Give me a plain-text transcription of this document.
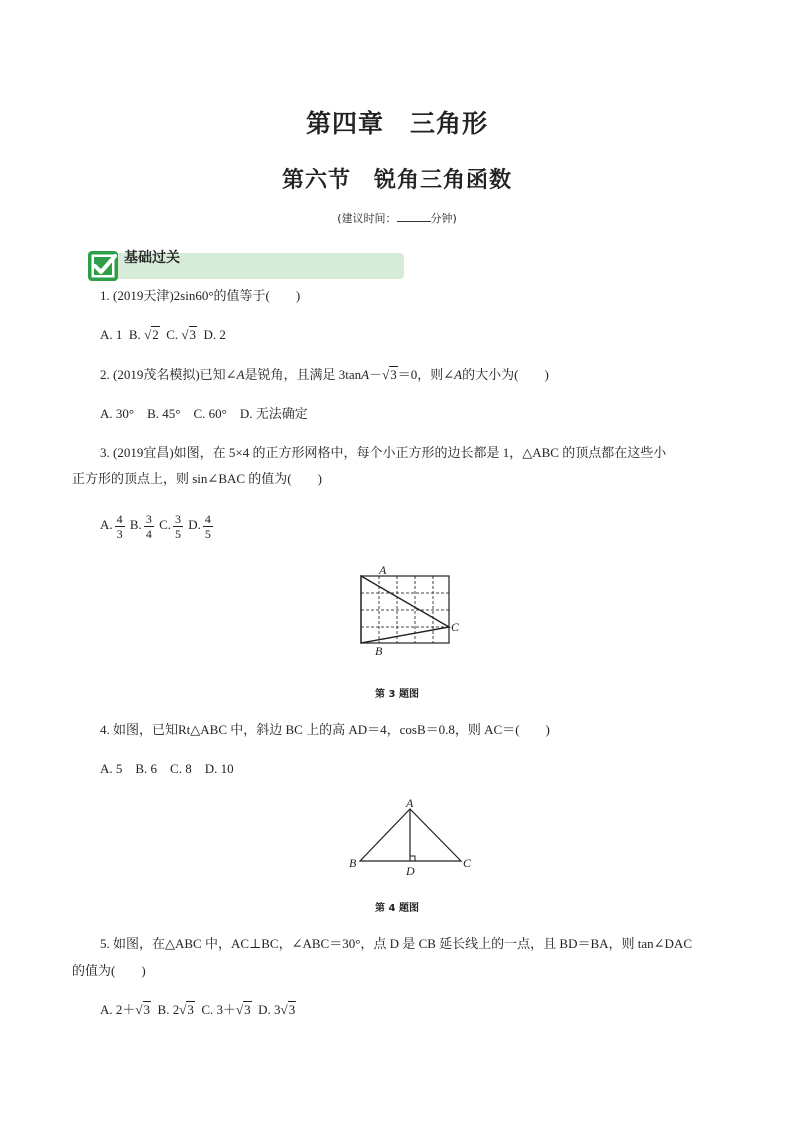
第四章　三角形
第六节　锐角三角函数
(建议时间：	分钟)
基础过关
1. (2019天津)2sin60°的值等于(　　)
A. 1 B. √2 C. √3 D. 2
2. (2019茂名模拟)已知∠A是锐角，且满足 3tanA－√3＝0，则∠A的大小为(　　)
A. 30°　B. 45°　C. 60°　D. 无法确定
3. (2019宜昌)如图，在 5×4 的正方形网格中，每个小正方形的边长都是 1，△ABC 的顶点都在这些小
正方形的顶点上，则 sin∠BAC 的值为(　　)
A. $\frac{4}{3} B$. $\frac{3}{4} C$. $\frac{3}{5} D$. $\frac{4}{5}$
A
B
C
第 3 题图
4. 如图，已知Rt△ABC 中，斜边 BC 上的高 AD＝4，cosB＝0.8，则 AC＝(　　)
A. 5　B. 6　C. 8　D. 10
A
B	C
D
第 4 题图
5. 如图，在△ABC 中，AC⊥BC，∠ABC＝30°，点 D 是 CB 延长线上的一点，且 BD＝BA，则 tan∠DAC
的值为(　　)
A. 2＋√3 B. 2√3 C. 3＋√3 D. 3√3
